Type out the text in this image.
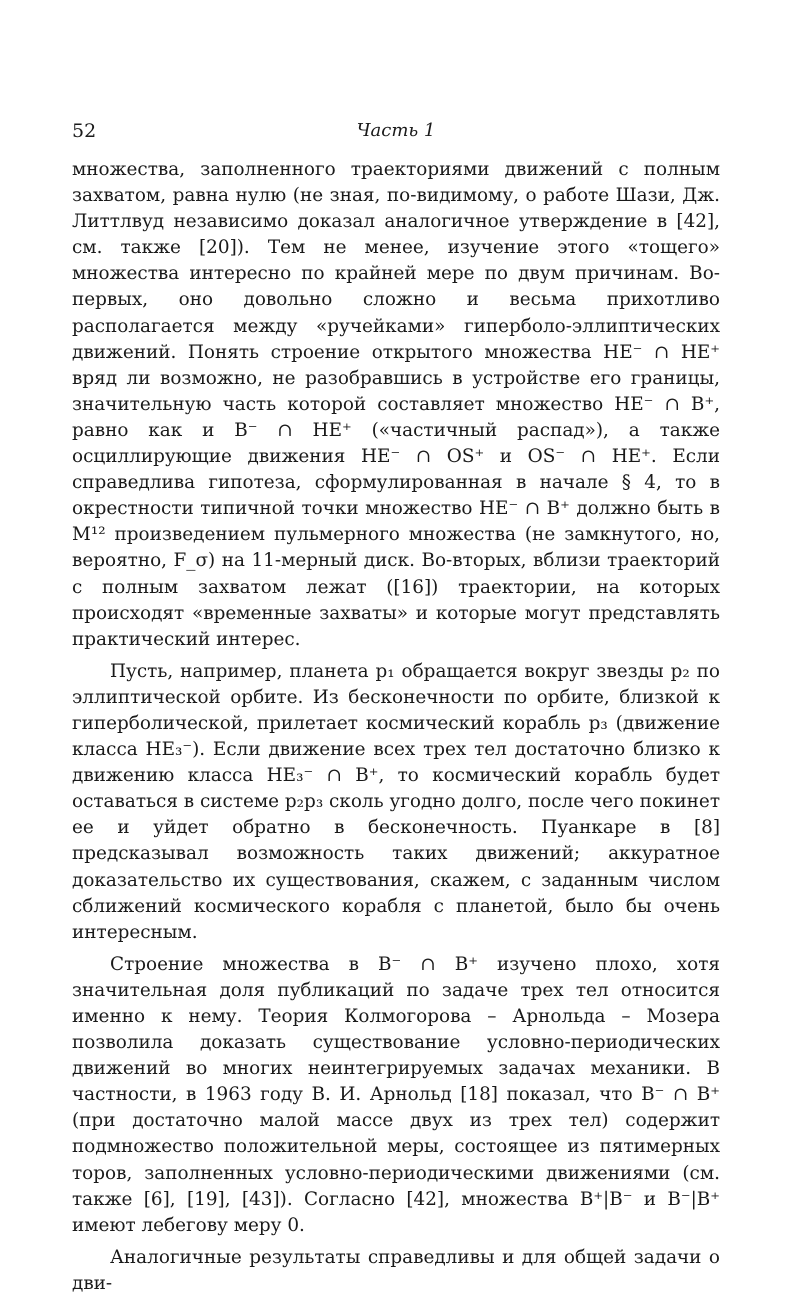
52	Часть 1

множества, заполненного траекториями движений с полным захватом, равна нулю (не зная, по-видимому, о работе Шази, Дж. Литтлвуд независимо доказал аналогичное утверждение в [42], см. также [20]). Тем не менее, изучение этого «тощего» множества интересно по крайней мере по двум причинам. Во-первых, оно довольно сложно и весьма прихотливо располагается между «ручейками» гиперболо-эллиптических движений. Понять строение открытого множества HE⁻ ∩ HE⁺ вряд ли возможно, не разобравшись в устройстве его границы, значительную часть которой составляет множество HE⁻ ∩ B⁺, равно как и B⁻ ∩ HE⁺ («частичный распад»), а также осциллирующие движения HE⁻ ∩ OS⁺ и OS⁻ ∩ HE⁺. Если справедлива гипотеза, сформулированная в начале § 4, то в окрестности типичной точки множество HE⁻ ∩ B⁺ должно быть в M¹² произведением пульмерного множества (не замкнутого, но, вероятно, F_σ) на 11-мерный диск. Во-вторых, вблизи траекторий с полным захватом лежат ([16]) траектории, на которых происходят «временные захваты» и которые могут представлять практический интерес.

Пусть, например, планета p₁ обращается вокруг звезды p₂ по эллиптической орбите. Из бесконечности по орбите, близкой к гиперболической, прилетает космический корабль p₃ (движение класса HE₃⁻). Если движение всех трех тел достаточно близко к движению класса HE₃⁻ ∩ B⁺, то космический корабль будет оставаться в системе p₂p₃ сколь угодно долго, после чего покинет ее и уйдет обратно в бесконечность. Пуанкаре в [8] предсказывал возможность таких движений; аккуратное доказательство их существования, скажем, с заданным числом сближений космического корабля с планетой, было бы очень интересным.

Строение множества в B⁻ ∩ B⁺ изучено плохо, хотя значительная доля публикаций по задаче трех тел относится именно к нему. Теория Колмогорова – Арнольда – Мозера позволила доказать существование условно-периодических движений во многих неинтегрируемых задачах механики. В частности, в 1963 году В. И. Арнольд [18] показал, что B⁻ ∩ B⁺ (при достаточно малой массе двух из трех тел) содержит подмножество положительной меры, состоящее из пятимерных торов, заполненных условно-периодическими движениями (см. также [6], [19], [43]). Согласно [42], множества B⁺|B⁻ и B⁻|B⁺ имеют лебегову меру 0.

Аналогичные результаты справедливы и для общей задачи о дви-
